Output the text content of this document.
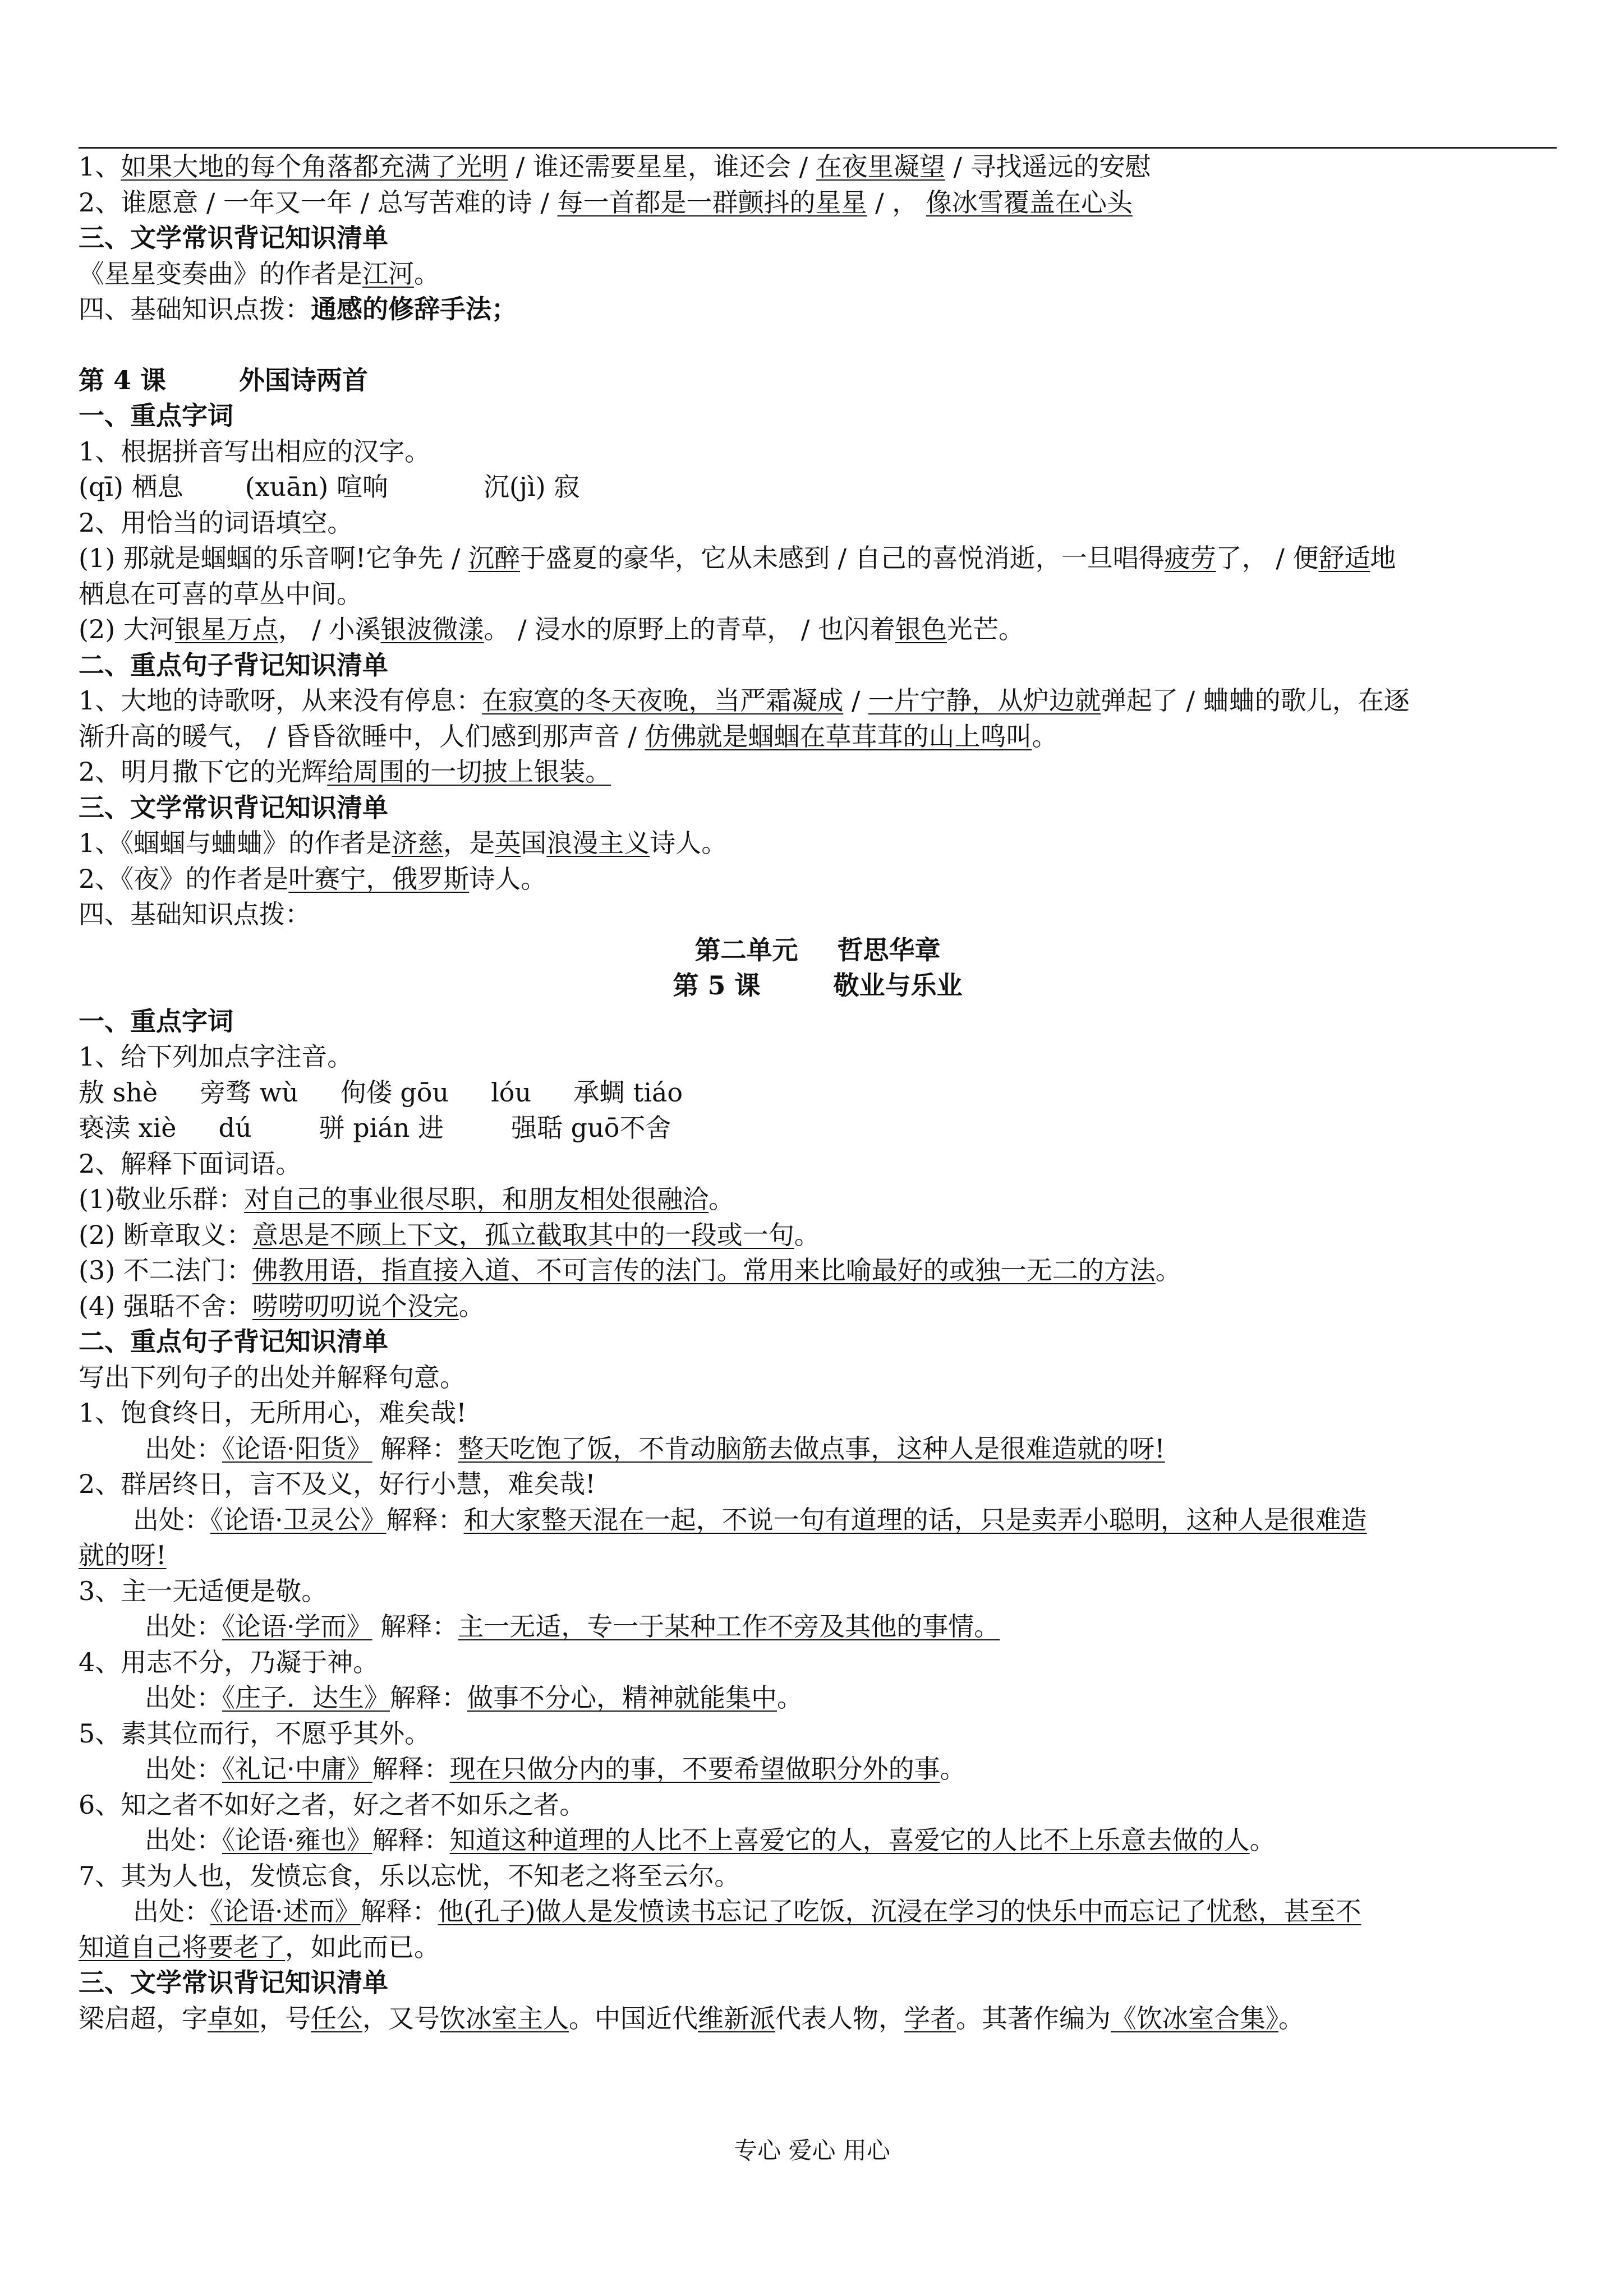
1、如果大地的每个角落都充满了光明 / 谁还需要星星，谁还会 / 在夜里凝望 / 寻找遥远的安慰

2、谁愿意 / 一年又一年 / 总写苦难的诗 / 每一首都是一群颤抖的星星 / ， 像冰雪覆盖在心头

三、文学常识背记知识清单

《星星变奏曲》的作者是江河。

四、基础知识点拨：通感的修辞手法；

第 4 课	外国诗两首

一、重点字词

1、根据拼音写出相应的汉字。

(qī) 栖息 (xuān) 喧响	沉(jì) 寂

2、用恰当的词语填空。

(1) 那就是蝈蝈的乐音啊!它争先 / 沉醉于盛夏的豪华，它从未感到 / 自己的喜悦消逝，一旦唱得疲劳了， / 便舒适地

栖息在可喜的草丛中间。

(2) 大河银星万点， / 小溪银波微漾。 / 浸水的原野上的青草， / 也闪着银色光芒。

二、重点句子背记知识清单

1、大地的诗歌呀，从来没有停息：在寂寞的冬天夜晚，当严霜凝成 / 一片宁静，从炉边就弹起了 / 蛐蛐的歌儿，在逐

渐升高的暖气， / 昏昏欲睡中，人们感到那声音 / 仿佛就是蝈蝈在草茸茸的山上鸣叫。

2、明月撒下它的光辉给周围的一切披上银装。

三、文学常识背记知识清单

1、《蝈蝈与蛐蛐》的作者是济慈，是英国浪漫主义诗人。

2、《夜》的作者是叶赛宁，俄罗斯诗人。

四、基础知识点拨：

第二单元 哲思华章

第 5 课	敬业与乐业

一、重点字词

1、给下列加点字注音。

敖 shè 旁骛 wù 佝偻 gōu lóu 承蜩 tiáo

亵渎 xiè dú	骈 pián 进	强聒 guō不舍

2、解释下面词语。

(1)敬业乐群：对自己的事业很尽职，和朋友相处很融洽。

(2) 断章取义：意思是不顾上下文，孤立截取其中的一段或一句。

(3) 不二法门：佛教用语，指直接入道、不可言传的法门。常用来比喻最好的或独一无二的方法。

(4) 强聒不舍：唠唠叨叨说个没完。

二、重点句子背记知识清单

写出下列句子的出处并解释句意。

1、饱食终日，无所用心，难矣哉!

出处：《论语·阳货》 解释：整天吃饱了饭，不肯动脑筋去做点事，这种人是很难造就的呀!

2、群居终日，言不及义，好行小慧，难矣哉!

出处：《论语·卫灵公》解释：和大家整天混在一起，不说一句有道理的话，只是卖弄小聪明，这种人是很难造

就的呀!

3、主一无适便是敬。

出处：《论语·学而》 解释：主一无适，专一于某种工作不旁及其他的事情。

4、用志不分，乃凝于神。

出处：《庄子．达生》解释：做事不分心，精神就能集中。

5、素其位而行，不愿乎其外。

出处：《礼记·中庸》解释：现在只做分内的事，不要希望做职分外的事。

6、知之者不如好之者，好之者不如乐之者。

出处：《论语·雍也》解释：知道这种道理的人比不上喜爱它的人，喜爱它的人比不上乐意去做的人。

7、其为人也，发愤忘食，乐以忘忧，不知老之将至云尔。

出处：《论语·述而》解释：他(孔子)做人是发愤读书忘记了吃饭，沉浸在学习的快乐中而忘记了忧愁，甚至不

知道自己将要老了，如此而已。

三、文学常识背记知识清单

梁启超，字卓如，号任公，又号饮冰室主人。中国近代维新派代表人物，学者。其著作编为《饮冰室合集》。

专心 爱心 用心
